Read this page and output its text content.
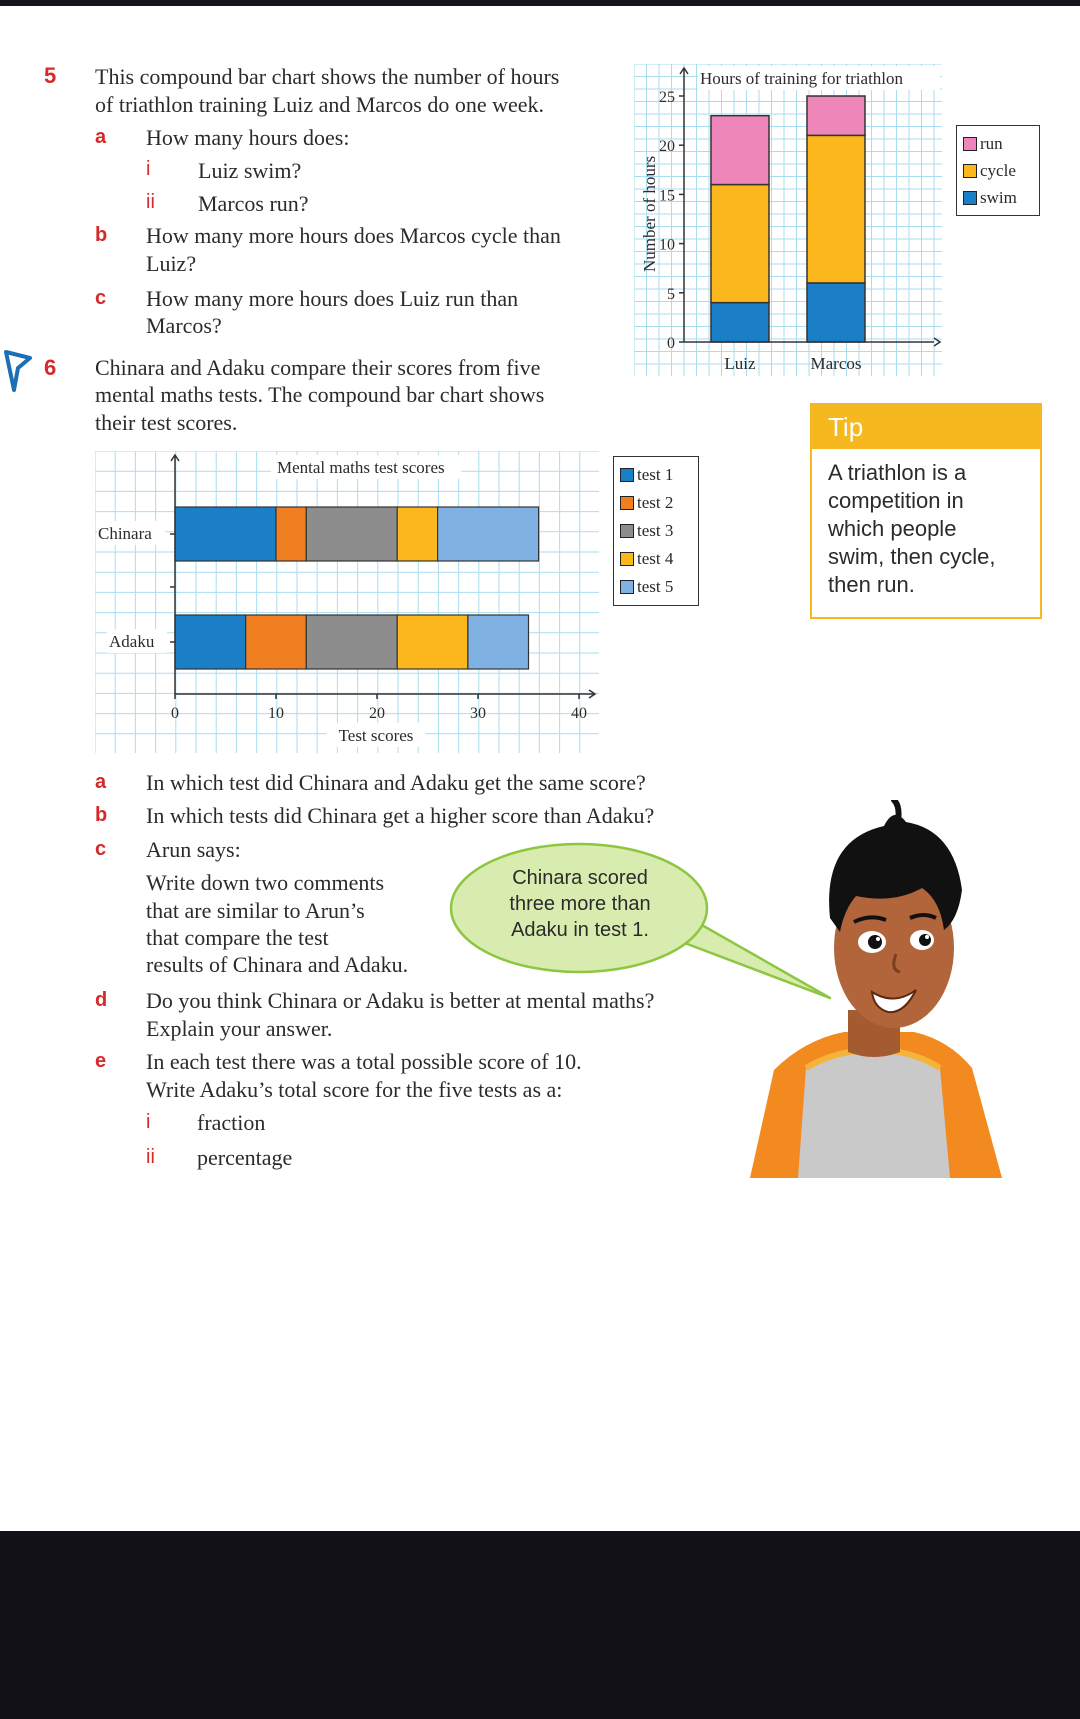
5 This compound bar chart shows the number of hours
of triathlon training Luiz and Marcos do one week.
a How many hours does:
i Luiz swim?
ii Marcos run?
b How many more hours does Marcos cycle than
Luiz?
c How many more hours does Luiz run than
Marcos?
Hours of training for triathlon
0
5
10
15
20
25
Number of hours
Luiz	Marcos
run
cycle
swim
6 Chinara and Adaku compare their scores from five
mental maths tests. The compound bar chart shows
their test scores.
Mental maths test scores
0	10	20	30	40
Chinara
Adaku
Test scores
test 1
test 2
test 3
test 4
test 5
Tip
A triathlon is a
competition in
which people
swim, then cycle,
then run.
a In which test did Chinara and Adaku get the same score?
b In which tests did Chinara get a higher score than Adaku?
c Arun says:
Write down two comments
that are similar to Arun’s
that compare the test
results of Chinara and Adaku.
Chinara scored
three more than
Adaku in test 1.
d Do you think Chinara or Adaku is better at mental maths?
Explain your answer.
e In each test there was a total possible score of 10.
Write Adaku’s total score for the five tests as a:
i fraction
ii percentage
